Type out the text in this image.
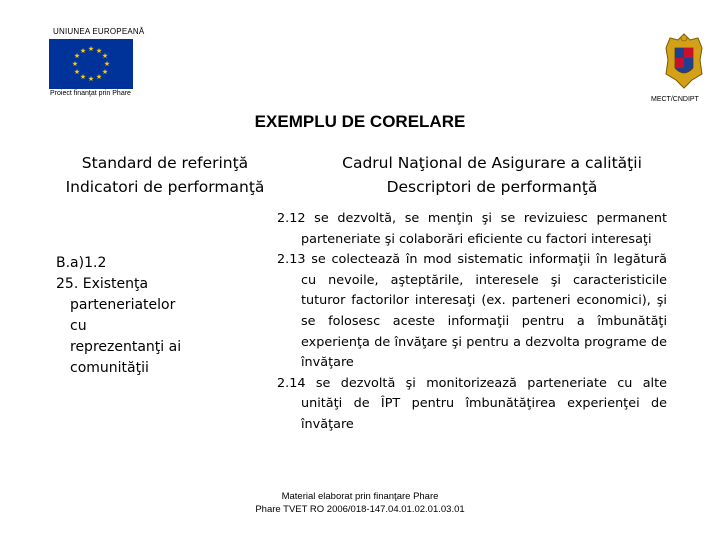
UNIUNEA EUROPEANĂ
★ ★
★
★
★
★
★
★
★
★
★
★
Proiect finanţat prin Phare
MECT/CNDIPT
EXEMPLU DE CORELARE
Standard de referinţă
Indicatori de performanţă
Cadrul Naţional de Asigurare a calităţii
Descriptori de performanţă
B.a)1.2
25. Existenţa
parteneriatelor
cu
reprezentanţi ai
comunităţii

2.12 se dezvoltă, se menţin şi se revizuiesc permanent parteneriate şi colaborări eficiente cu factori interesaţi

2.13 se colectează în mod sistematic informaţii în legătură cu nevoile, aşteptările, interesele şi caracteristicile tuturor factorilor interesaţi (ex. parteneri economici), şi se folosesc aceste informaţii pentru a îmbunătăţi experienţa de învăţare şi pentru a dezvolta programe de învăţare

2.14 se dezvoltă şi monitorizează parteneriate cu alte unităţi de ÎPT pentru îmbunătăţirea experienţei de învăţare

Material elaborat prin finanţare Phare
Phare TVET RO 2006/018-147.04.01.02.01.03.01
